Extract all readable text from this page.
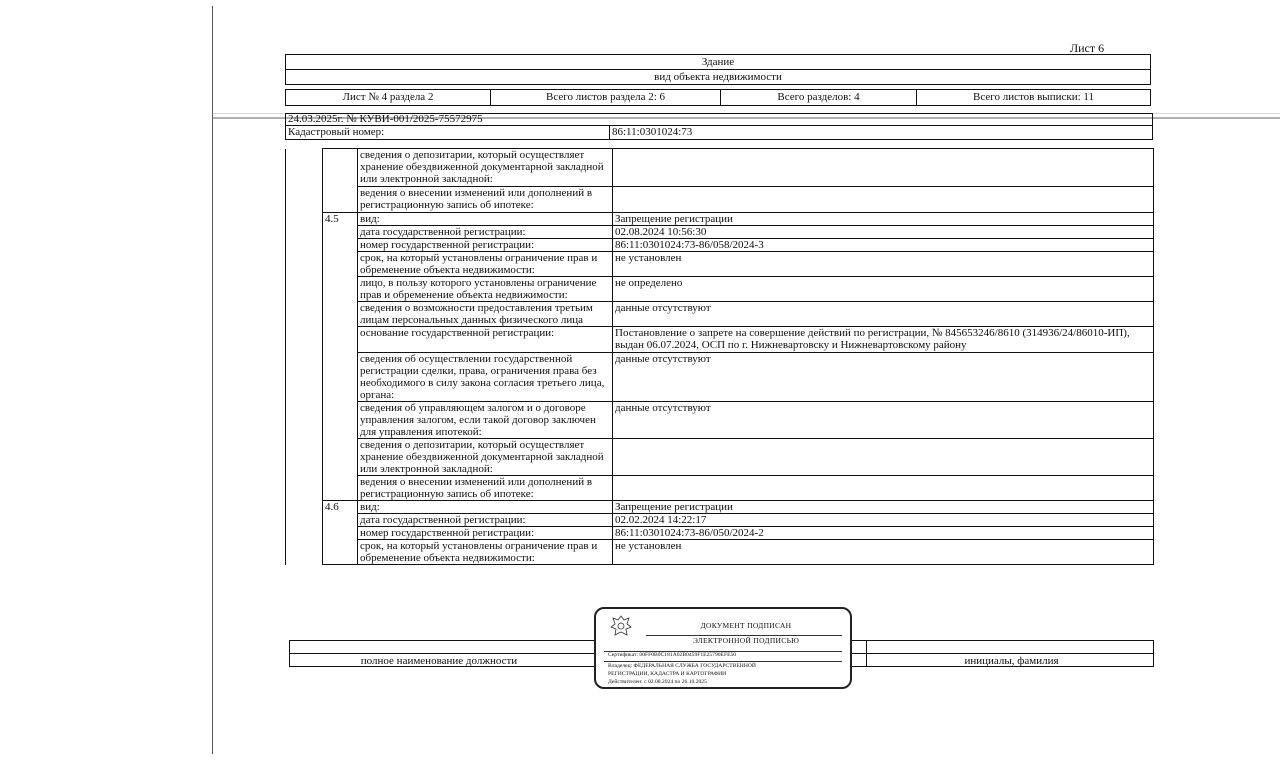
Лист 6
Здание
вид объекта недвижимости
Лист № 4 раздела 2	Всего листов раздела 2: 6	Всего разделов: 4	Всего листов выписки: 11
24.03.2025г. № КУВИ-001/2025-75572975
Кадастровый номер:	86:11:0301024:73
		сведения о депозитарии, который осуществляет хранение обездвиженной документарной закладной или электронной закладной:	
		ведения о внесении изменений или дополнений в регистрационную запись об ипотеке:	
	4.5	вид:	Запрещение регистрации
		дата государственной регистрации:	02.08.2024 10:56:30
		номер государственной регистрации:	86:11:0301024:73-86/058/2024-3
		срок, на который установлены ограничение прав и обременение объекта недвижимости:	не установлен
		лицо, в пользу которого установлены ограничение прав и обременение объекта недвижимости:	не определено
		сведения о возможности предоставления третьим лицам персональных данных физического лица	данные отсутствуют
		основание государственной регистрации:	Постановление о запрете на совершение действий по регистрации, № 845653246/8610 (314936/24/86010-ИП), выдан 06.07.2024, ОСП по г. Нижневартовску и Нижневартовскому району
		сведения об осуществлении государственной регистрации сделки, права, ограничения права без необходимого в силу закона согласия третьего лица, органа:	данные отсутствуют
		сведения об управляющем залогом и о договоре управления залогом, если такой договор заключен для управления ипотекой:	данные отсутствуют
		сведения о депозитарии, который осуществляет хранение обездвиженной документарной закладной или электронной закладной:	
		ведения о внесении изменений или дополнений в регистрационную запись об ипотеке:	
	4.6	вид:	Запрещение регистрации
		дата государственной регистрации:	02.02.2024 14:22:17
		номер государственной регистрации:	86:11:0301024:73-86/050/2024-2
		срок, на который установлены ограничение прав и обременение объекта недвижимости:	не установлен
полное наименование должности	инициалы, фамилия
ДОКУМЕНТ ПОДПИСАН
ЭЛЕКТРОННОЙ ПОДПИСЬЮ
Сертификат: 00FF0B0C181A02B0459F1E25790EFE50
Владелец: ФЕДЕРАЛЬНАЯ СЛУЖБА ГОСУДАРСТВЕННОЙ
РЕГИСТРАЦИИ, КАДАСТРА И КАРТОГРАФИИ
Действителен: с 02.08.2024 по 26.10.2025
